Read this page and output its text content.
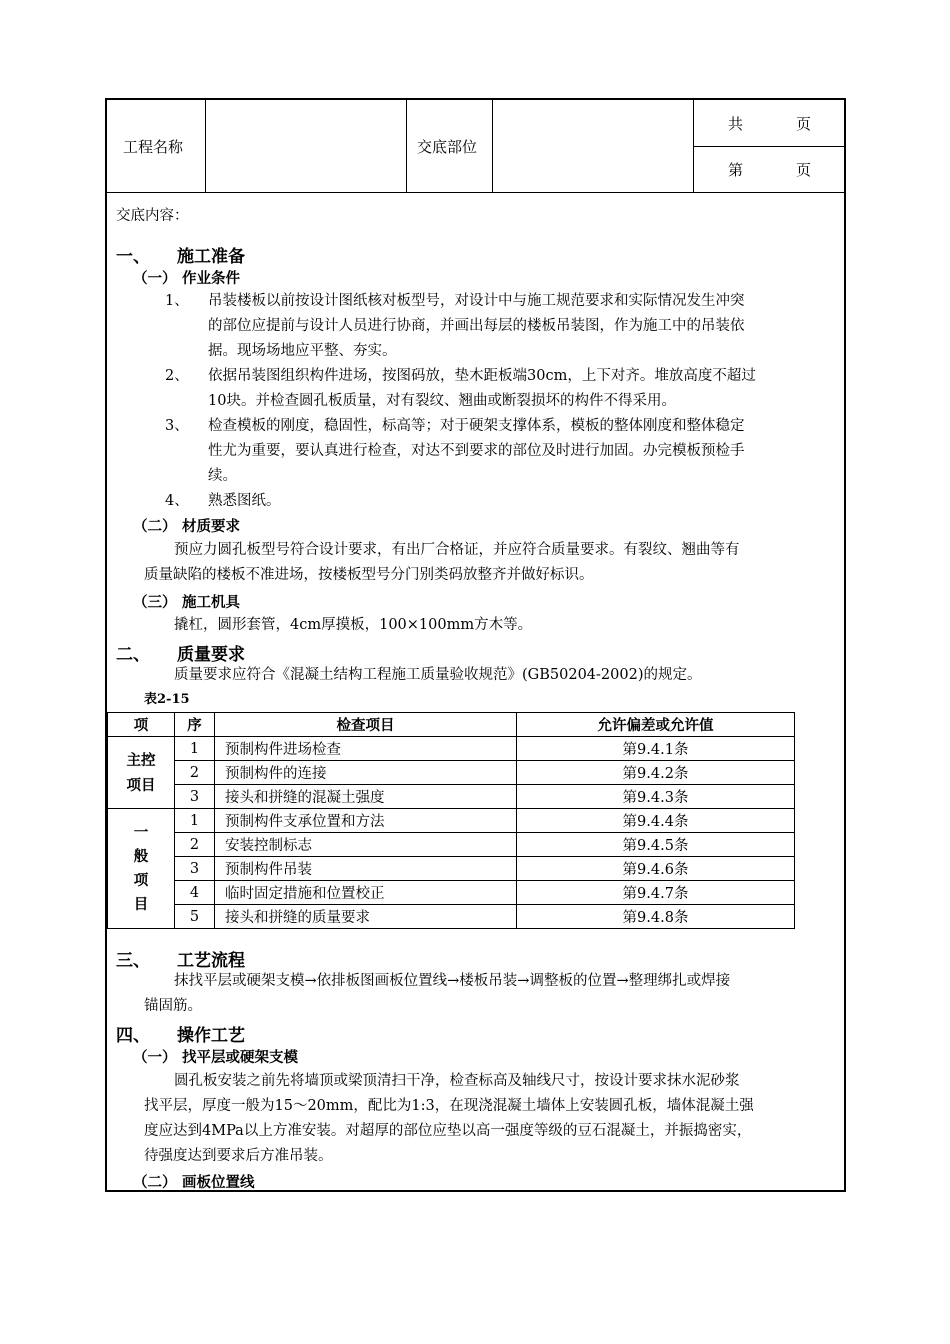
工程名称	交底部位
共	页
第	页
交底内容：
一、 施工准备
（一） 作业条件
1、 吊装楼板以前按设计图纸核对板型号，对设计中与施工规范要求和实际情况发生冲突
的部位应提前与设计人员进行协商，并画出每层的楼板吊装图，作为施工中的吊装依
据。现场场地应平整、夯实。
2、 依据吊装图组织构件进场，按图码放，垫木距板端30cm，上下对齐。堆放高度不超过
10块。并检查圆孔板质量，对有裂纹、翘曲或断裂损坏的构件不得采用。
3、 检查模板的刚度，稳固性，标高等；对于硬架支撑体系，模板的整体刚度和整体稳定
性尤为重要，要认真进行检查，对达不到要求的部位及时进行加固。办完模板预检手
续。
4、 熟悉图纸。
（二） 材质要求
预应力圆孔板型号符合设计要求，有出厂合格证，并应符合质量要求。有裂纹、翘曲等有
质量缺陷的楼板不准进场，按楼板型号分门别类码放整齐并做好标识。
（三） 施工机具
撬杠，圆形套管，4cm厚摸板，100×100mm方木等。
二、 质量要求
质量要求应符合《混凝土结构工程施工质量验收规范》(GB50204-2002)的规定。
表2-15
项	序	检查项目	允许偏差或允许值

主控
项目	1	预制构件进场检查	第9.4.1条
	2	预制构件的连接	第9.4.2条
	3	接头和拼缝的混凝土强度	第9.4.3条

一
般
项
目	1	预制构件支承位置和方法	第9.4.4条
	2	安装控制标志	第9.4.5条
	3	预制构件吊装	第9.4.6条
	4	临时固定措施和位置校正	第9.4.7条
	5	接头和拼缝的质量要求	第9.4.8条
三、 工艺流程
抹找平层或硬架支模→依排板图画板位置线→楼板吊装→调整板的位置→整理绑扎或焊接
锚固筋。
四、 操作工艺
（一） 找平层或硬架支模
圆孔板安装之前先将墙顶或梁顶清扫干净，检查标高及轴线尺寸，按设计要求抹水泥砂浆
找平层，厚度一般为15～20mm，配比为1:3，在现浇混凝土墙体上安装圆孔板，墙体混凝土强
度应达到4MPa以上方准安装。对超厚的部位应垫以高一强度等级的豆石混凝土，并振捣密实，
待强度达到要求后方准吊装。
（二） 画板位置线
